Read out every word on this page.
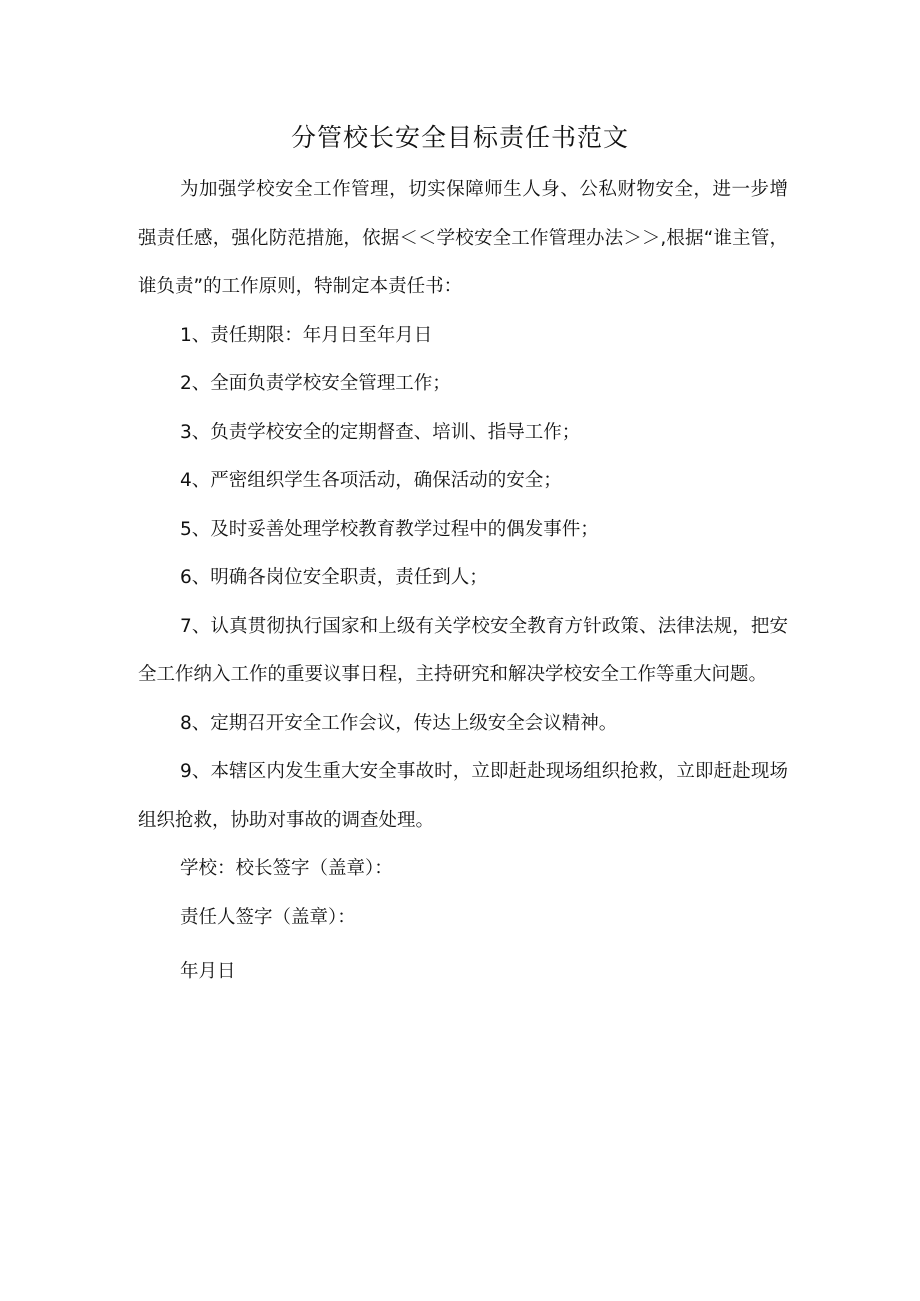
分管校长安全目标责任书范文

为加强学校安全工作管理，切实保障师生人身、公私财物安全，进一步增强责任感，强化防范措施，依据＜＜学校安全工作管理办法＞＞,根据“谁主管，谁负责”的工作原则，特制定本责任书：

1、责任期限：年月日至年月日

2、全面负责学校安全管理工作；

3、负责学校安全的定期督查、培训、指导工作；

4、严密组织学生各项活动，确保活动的安全；

5、及时妥善处理学校教育教学过程中的偶发事件；

6、明确各岗位安全职责，责任到人；

7、认真贯彻执行国家和上级有关学校安全教育方针政策、法律法规，把安全工作纳入工作的重要议事日程，主持研究和解决学校安全工作等重大问题。

8、定期召开安全工作会议，传达上级安全会议精神。

9、本辖区内发生重大安全事故时，立即赶赴现场组织抢救，立即赶赴现场组织抢救，协助对事故的调查处理。

学校：校长签字（盖章）：

责任人签字（盖章）：

年月日
